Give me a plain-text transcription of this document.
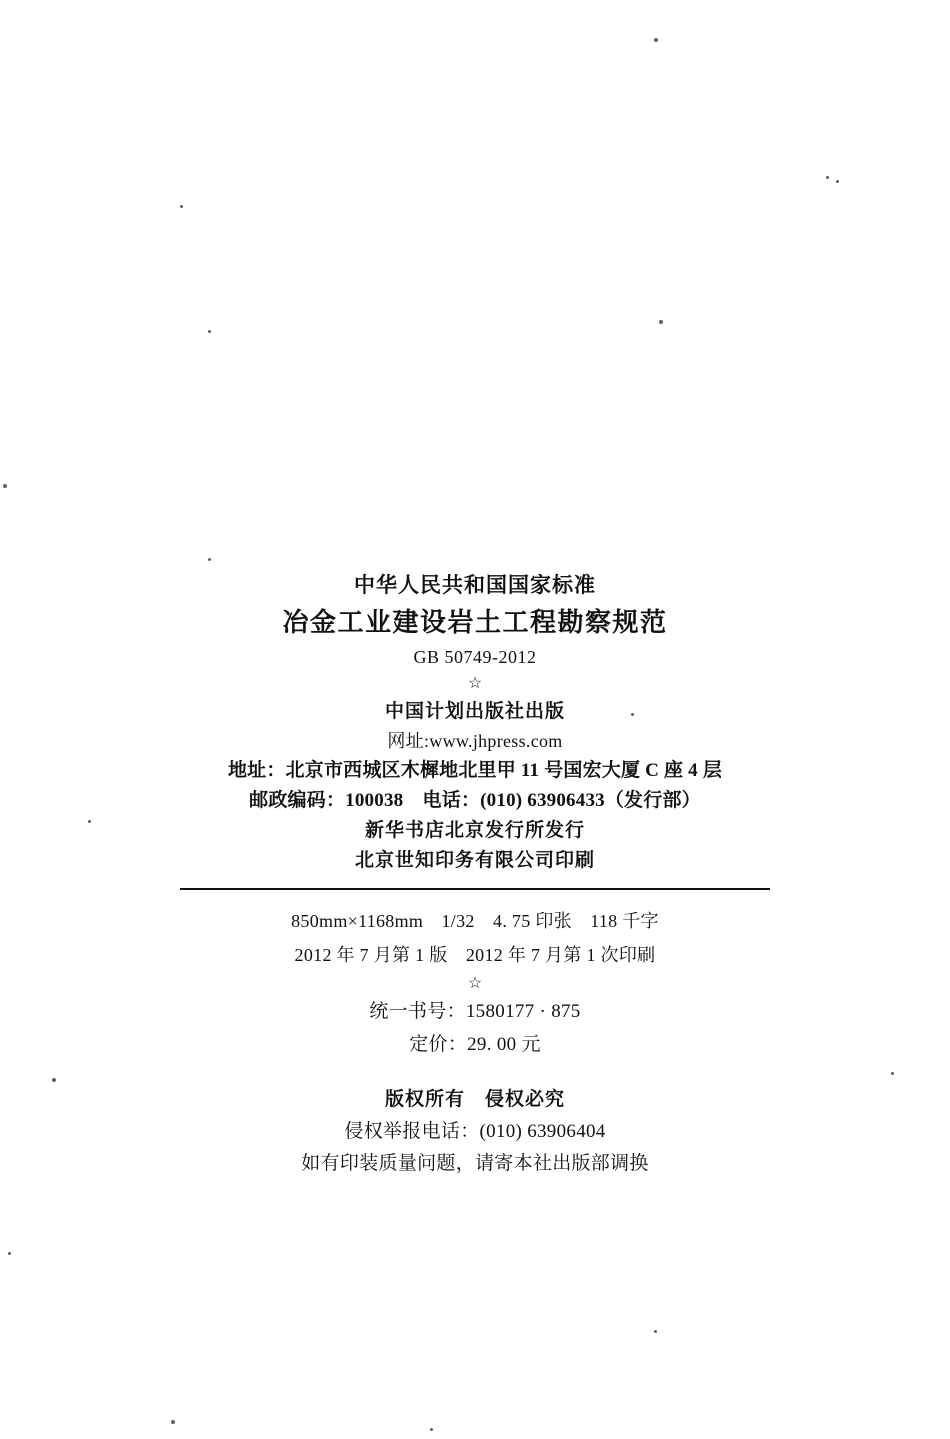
中华人民共和国国家标准
冶金工业建设岩土工程勘察规范
GB 50749-2012
☆
中国计划出版社出版
网址:www.jhpress.com
地址：北京市西城区木樨地北里甲 11 号国宏大厦 C 座 4 层
邮政编码：100038　电话：(010) 63906433（发行部）
新华书店北京发行所发行
北京世知印务有限公司印刷
850mm×1168mm　1/32　4. 75 印张　118 千字
2012 年 7 月第 1 版　2012 年 7 月第 1 次印刷
☆
统一书号：1580177 · 875
定价：29. 00 元
版权所有　侵权必究
侵权举报电话：(010) 63906404
如有印装质量问题，请寄本社出版部调换
